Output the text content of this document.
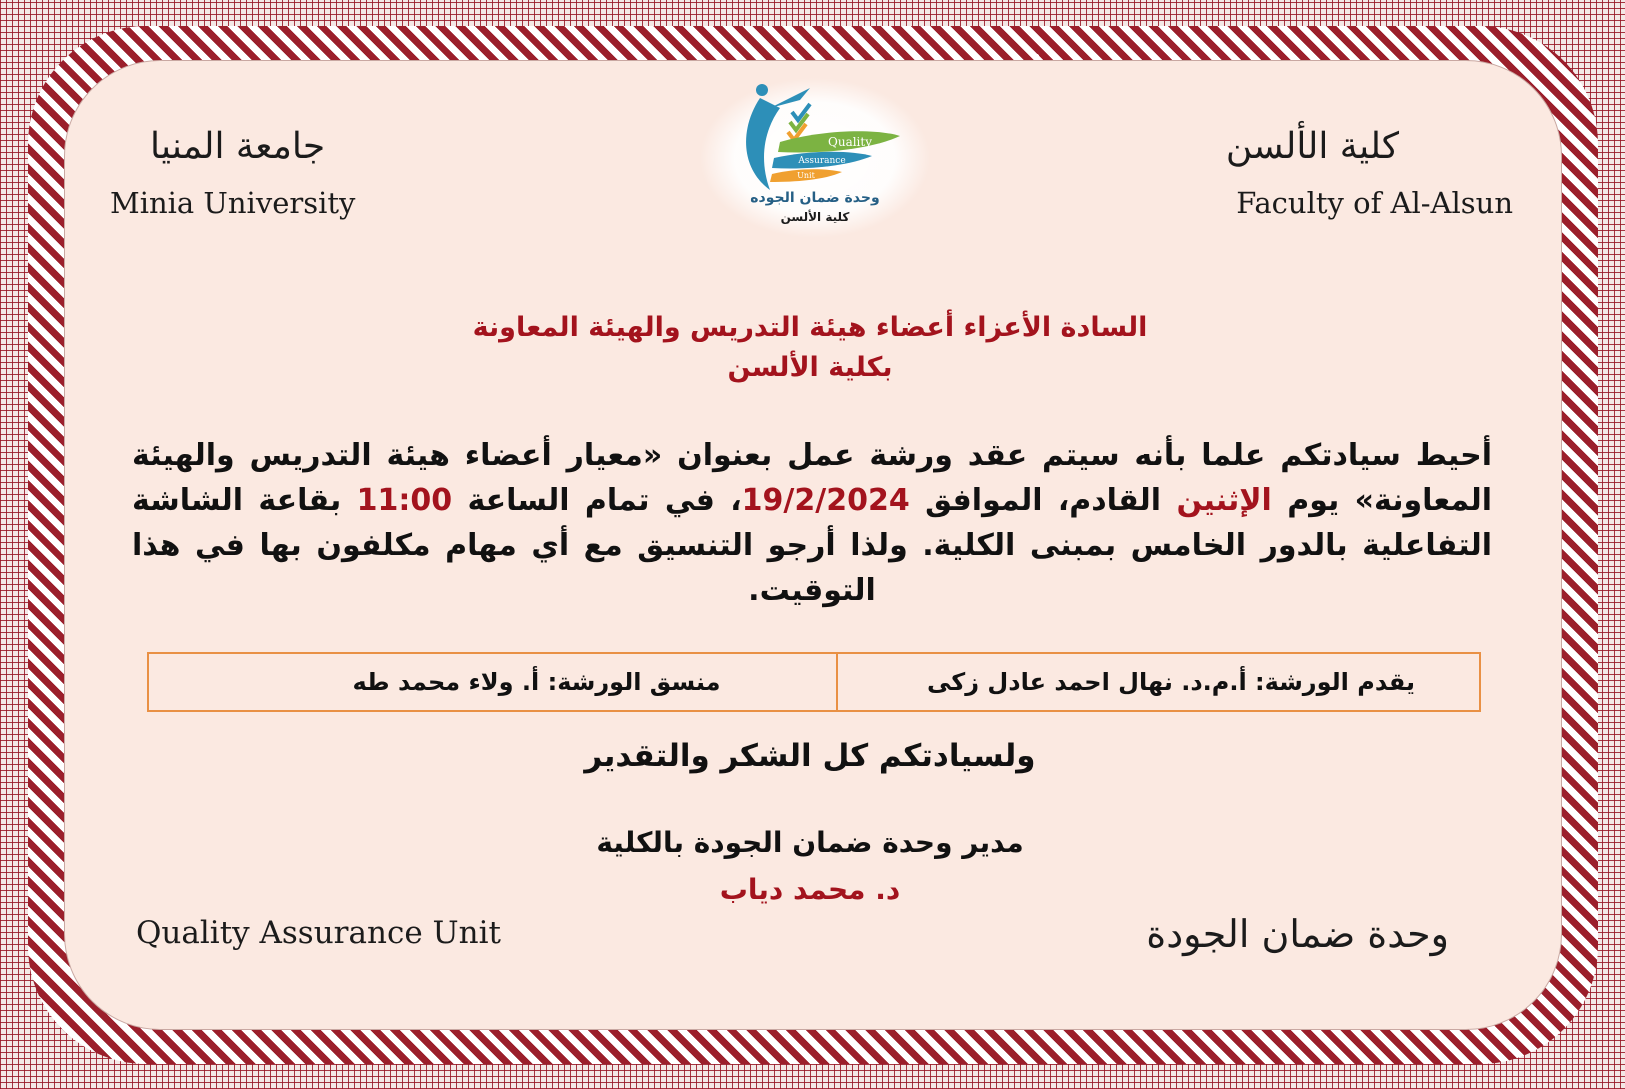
جامعة المنيا
Minia University
كلية الألسن
Faculty of Al-Alsun
Quality
Assurance
Unit
وحدة ضمان الجوده
كلية الألسن
السادة الأعزاء أعضاء هيئة التدريس والهيئة المعاونة
بكلية الألسن
أحيط سيادتكم علما بأنه سيتم عقد ورشة عمل بعنوان «معيار أعضاء هيئة التدريس والهيئة المعاونة» يوم الإثنين القادم، الموافق 19/2/2024، في تمام الساعة 11:00 بقاعة الشاشة التفاعلية بالدور الخامس بمبنى الكلية. ولذا أرجو التنسيق مع أي مهام مكلفون بها في هذا التوقيت.
يقدم الورشة: أ.م.د. نهال احمد عادل زكى
منسق الورشة: أ. ولاء محمد طه
ولسيادتكم كل الشكر والتقدير
مدير وحدة ضمان الجودة بالكلية
د. محمد دياب
Quality Assurance Unit	وحدة ضمان الجودة
